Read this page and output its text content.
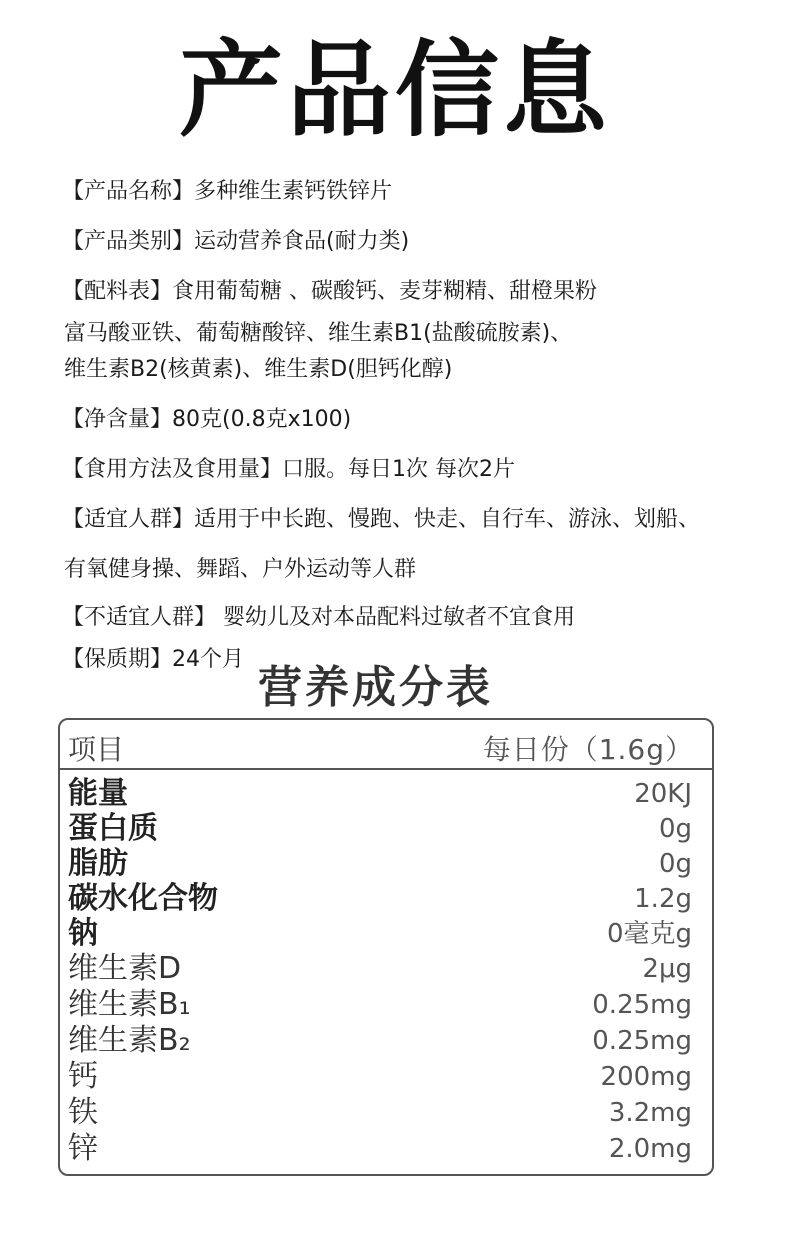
产品信息
【产品名称】多种维生素钙铁锌片
【产品类别】运动营养食品(耐力类)
【配料表】食用葡萄糖 、碳酸钙、麦芽糊精、甜橙果粉
富马酸亚铁、葡萄糖酸锌、维生素B1(盐酸硫胺素)、
维生素B2(核黄素)、维生素D(胆钙化醇)
【净含量】80克(0.8克x100)
【食用方法及食用量】口服。每日1次 每次2片
【适宜人群】适用于中长跑、慢跑、快走、自行车、游泳、划船、
有氧健身操、舞蹈、户外运动等人群
【不适宜人群】 婴幼儿及对本品配料过敏者不宜食用
【保质期】24个月
营养成分表
项目	每日份（1.6g）
能量	20KJ
蛋白质	0g
脂肪	0g
碳水化合物	1.2g
钠	0毫克g
维生素D	2μg
维生素B₁	0.25mg
维生素B₂	0.25mg
钙	200mg
铁	3.2mg
锌	2.0mg
